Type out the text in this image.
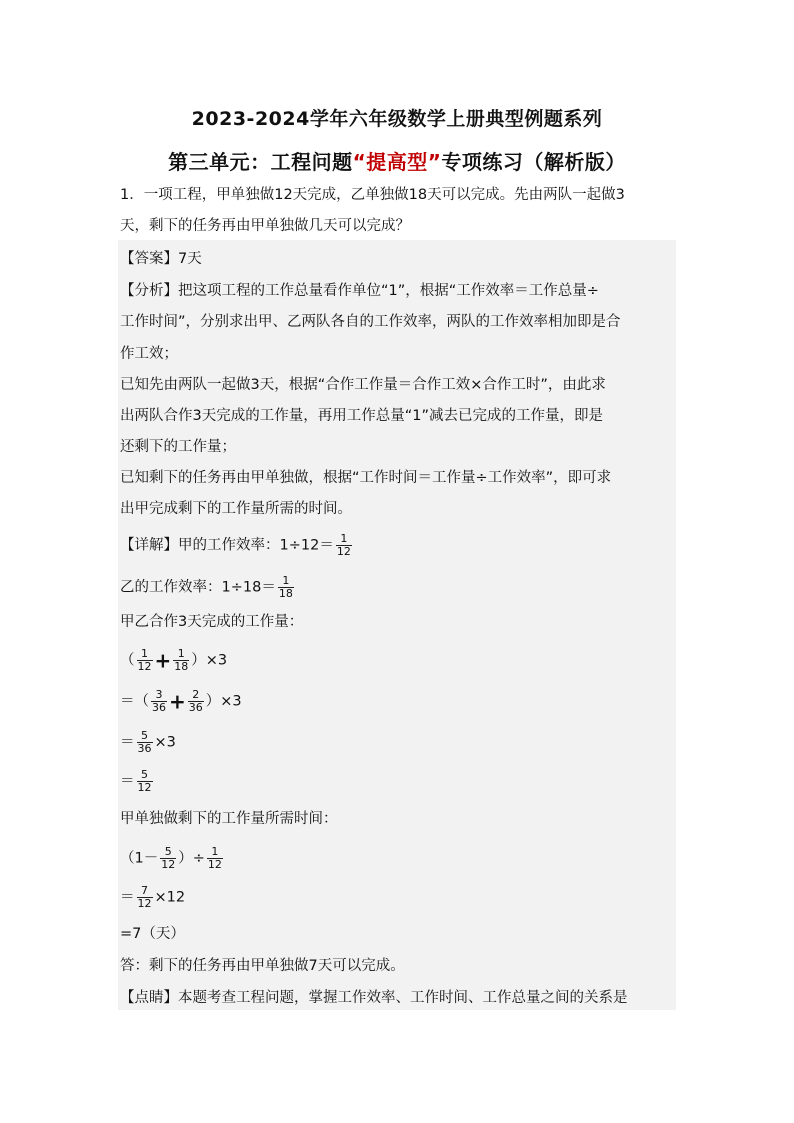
2023-2024学年六年级数学上册典型例题系列
第三单元：工程问题“提高型”专项练习（解析版）
1．一项工程，甲单独做12天完成，乙单独做18天可以完成。先由两队一起做3
天，剩下的任务再由甲单独做几天可以完成？
【答案】7天
【分析】把这项工程的工作总量看作单位“1”，根据“工作效率＝工作总量÷
工作时间”，分别求出甲、乙两队各自的工作效率，两队的工作效率相加即是合
作工效；
已知先由两队一起做3天，根据“合作工作量＝合作工效×合作工时”，由此求
出两队合作3天完成的工作量，再用工作总量“1”减去已完成的工作量，即是
还剩下的工作量；
已知剩下的任务再由甲单独做，根据“工作时间＝工作量÷工作效率”，即可求
出甲完成剩下的工作量所需的时间。
【详解】甲的工作效率：$1\div 12= \frac{1}{12}$
乙的工作效率：$1\div 18= \frac{1}{18}$
甲乙合作3天完成的工作量：
（ $\frac{1}{12} + \frac{1}{18} )\times 3$
＝（ $\frac{3}{36} + \frac{2}{36} )\times 3$
＝ $\frac{5}{36} \times 3$
＝ $\frac{5}{12}$
甲单独做剩下的工作量所需时间：
（$1- \frac{5}{12}$ ）÷ $\frac{1}{12}$
＝ $\frac{7}{12} \times 12$
=7（天）
答：剩下的任务再由甲单独做7天可以完成。
【点睛】本题考查工程问题，掌握工作效率、工作时间、工作总量之间的关系是
